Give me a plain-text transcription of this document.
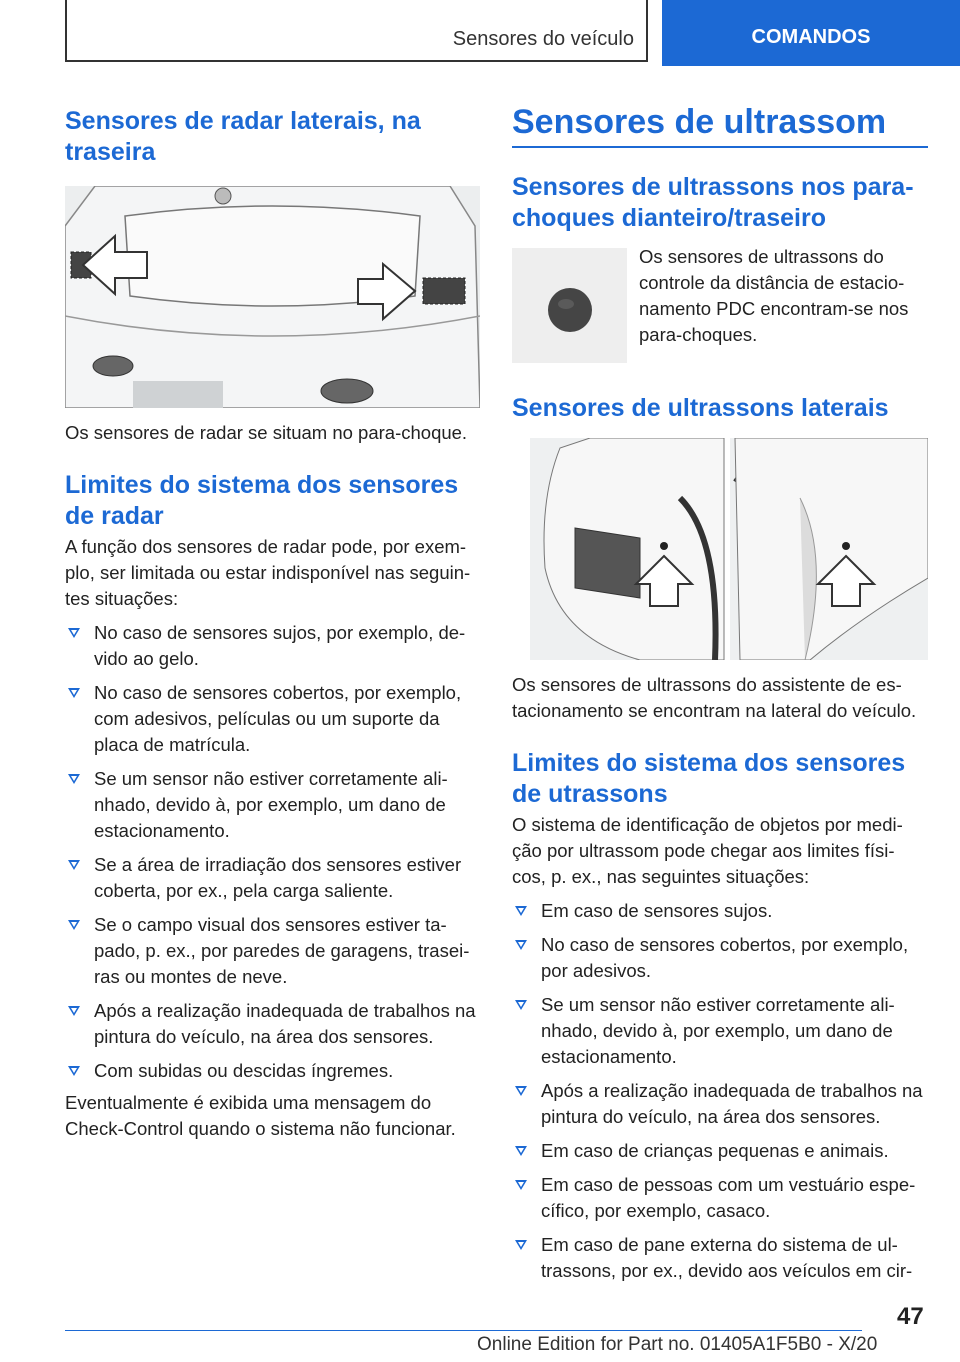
Sensores do veículo	COMANDOS
Sensores de radar laterais, na traseira

Os sensores de radar se situam no para-choque.

Limites do sistema dos sensores de radar

A função dos sensores de radar pode, por exem-plo, ser limitada ou estar indisponível nas seguin-tes situações:

No caso de sensores sujos, por exemplo, de-vido ao gelo.
No caso de sensores cobertos, por exemplo, com adesivos, películas ou um suporte da placa de matrícula.
Se um sensor não estiver corretamente ali-nhado, devido à, por exemplo, um dano de estacionamento.
Se a área de irradiação dos sensores estiver coberta, por ex., pela carga saliente.
Se o campo visual dos sensores estiver ta-pado, p. ex., por paredes de garagens, trasei-ras ou montes de neve.
Após a realização inadequada de trabalhos na pintura do veículo, na área dos sensores.
Com subidas ou descidas íngremes.

Eventualmente é exibida uma mensagem do Check-Control quando o sistema não funcionar.

Sensores de ultrassom
Sensores de ultrassons nos para-choques dianteiro/traseiro

Os sensores de ultrassons do controle da distância de estacio-namento PDC encontram-se nos para-choques.

Sensores de ultrassons laterais

Os sensores de ultrassons do assistente de es-tacionamento se encontram na lateral do veículo.

Limites do sistema dos sensores de utrassons

O sistema de identificação de objetos por medi-ção por ultrassom pode chegar aos limites físi-cos, p. ex., nas seguintes situações:

Em caso de sensores sujos.
No caso de sensores cobertos, por exemplo, por adesivos.
Se um sensor não estiver corretamente ali-nhado, devido à, por exemplo, um dano de estacionamento.
Após a realização inadequada de trabalhos na pintura do veículo, na área dos sensores.
Em caso de crianças pequenas e animais.
Em caso de pessoas com um vestuário espe-cífico, por exemplo, casaco.
Em caso de pane externa do sistema de ul-trassons, por ex., devido aos veículos em cir-
47
Online Edition for Part no. 01405A1F5B0 - X/20
